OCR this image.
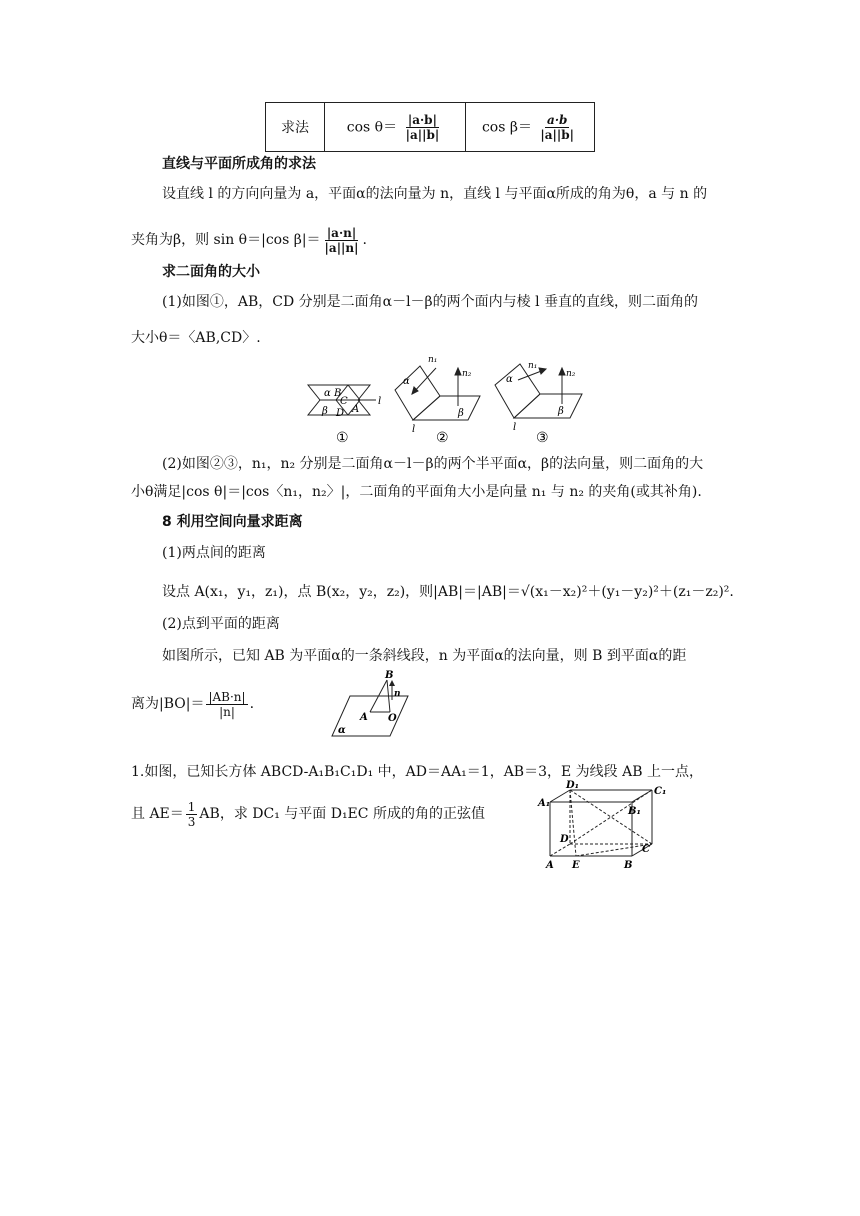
求法	$\cos \theta= \frac{|a\cdot b|}{|a||b|}$	$\cos \beta= \frac{a\cdot b}{|a||b|}$
直线与平面所成角的求法
设直线 l 的方向向量为 a，平面α的法向量为 n，直线 l 与平面α所成的角为θ，a 与 n 的
夹角为β，则 sin θ＝|cos $\beta|= \frac{|a\cdot n|}{|a||n|}$ .
求二面角的大小
(1)如图①，AB，CD 分别是二面角α－l－β的两个面内与棱 l 垂直的直线，则二面角的
大小θ＝〈AB,CD〉.
α B
C
β D A
l
①
n₁
n₂
α
β
l
②
n₁
n₂
α
β
l
③
(2)如图②③，n₁，n₂ 分别是二面角α－l－β的两个半平面α，β的法向量，则二面角的大
小θ满足|cos θ|＝|cos〈n₁，n₂〉|，二面角的平面角大小是向量 n₁ 与 n₂ 的夹角(或其补角).
8 利用空间向量求距离
(1)两点间的距离
设点 A(x₁，y₁，z₁)，点 B(x₂，y₂，z₂)，则|AB|＝|AB|＝√(x₁－x₂)²＋(y₁－y₂)²＋(z₁－z₂)².
(2)点到平面的距离
如图所示，已知 AB 为平面α的一条斜线段，n 为平面α的法向量，则 B 到平面α的距
离为$|BO|= \frac{|AB\cdot n|}{|n|}$ .
B
n
A O
α
1.如图，已知长方体 ABCD-A₁B₁C₁D₁ 中，AD＝AA₁＝1，AB＝3，E 为线段 AB 上一点，
且 $AE= \frac{1}{3}$ AB，求 DC₁ 与平面 D₁EC 所成的角的正弦值
A₁
D₁
C₁
B₁
D
C
A E	B
